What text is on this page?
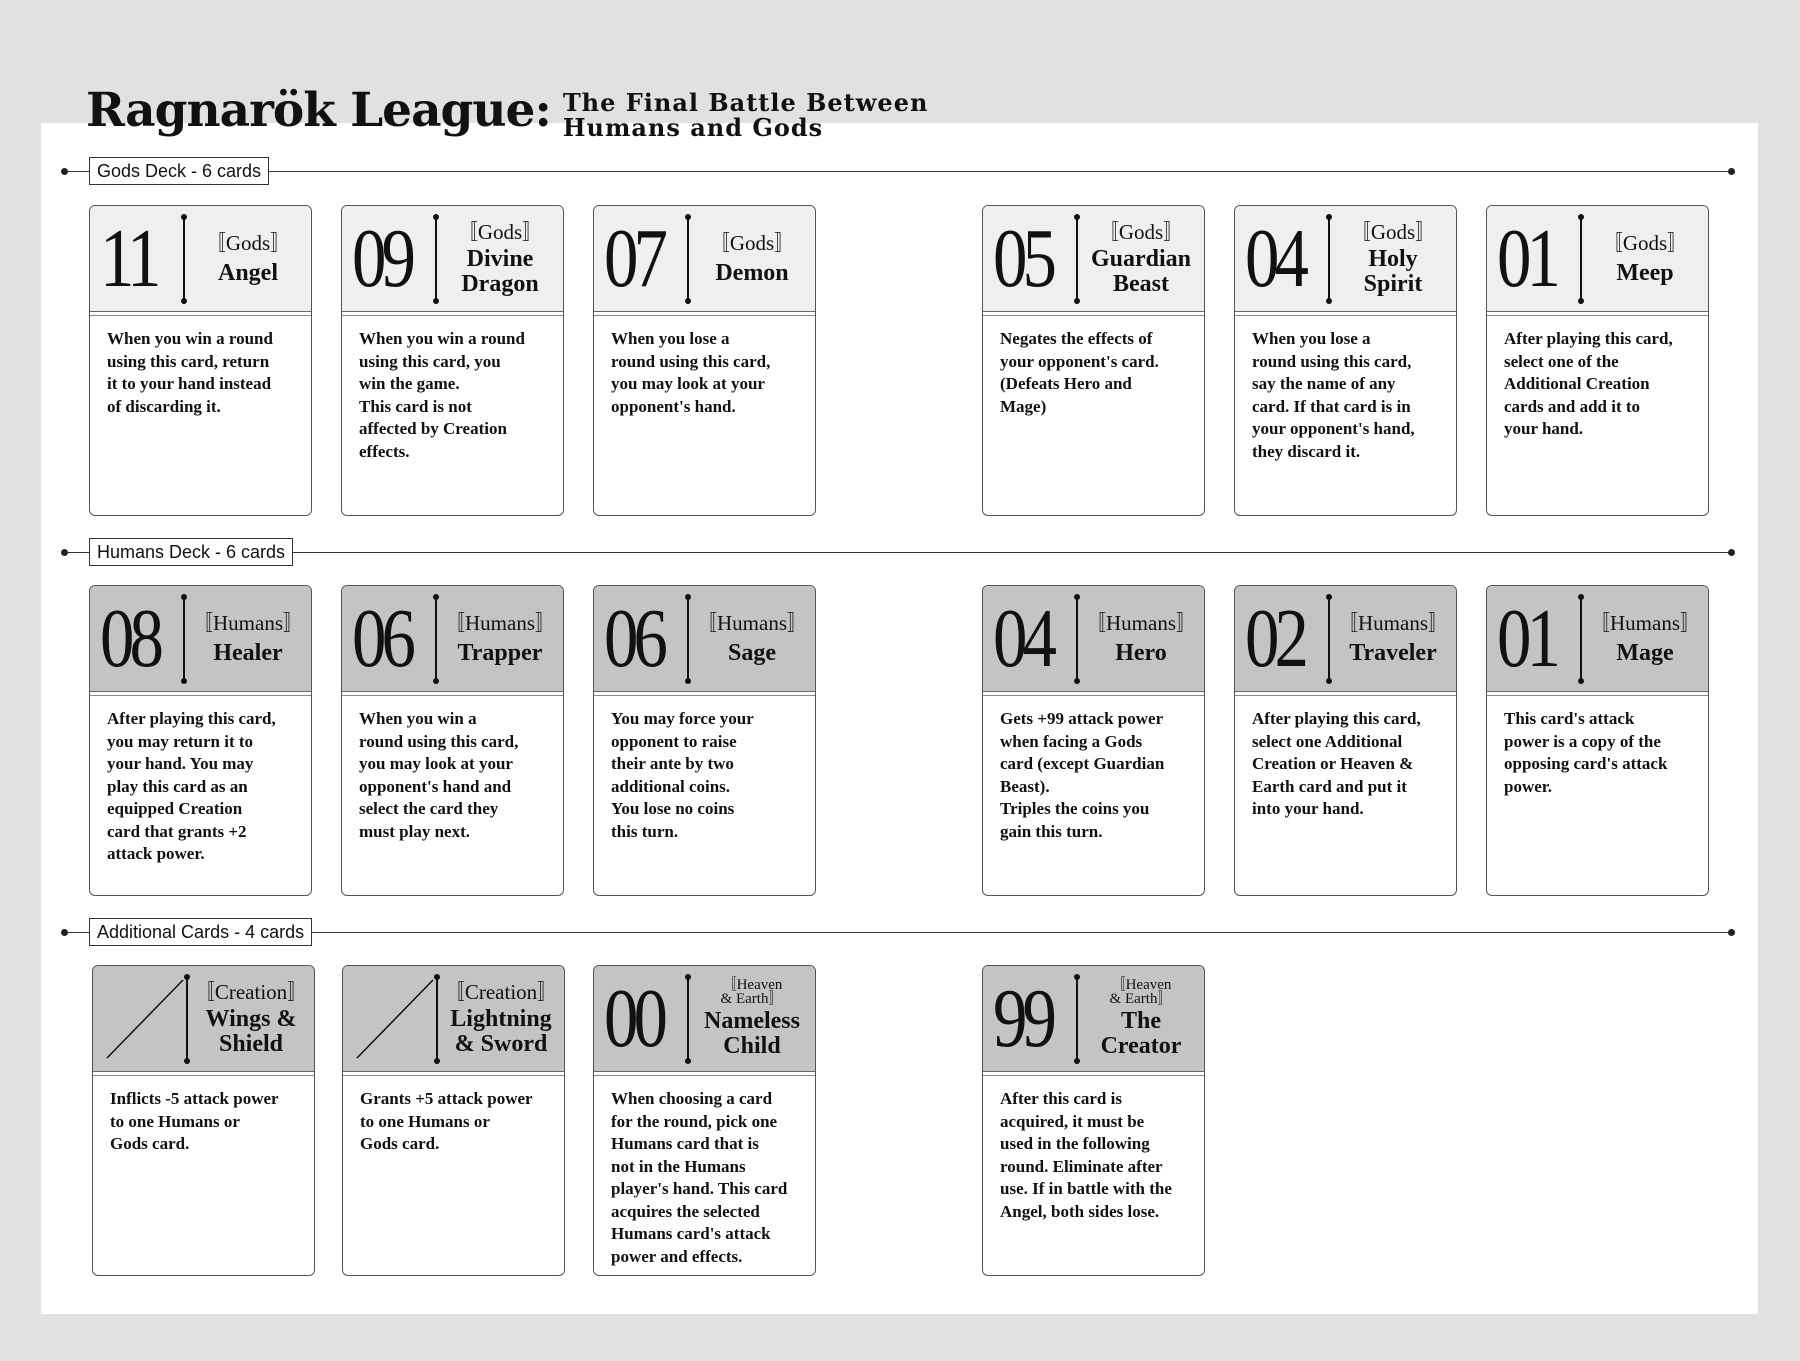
Ragnarök League: The Final Battle Between
Humans and Gods
Gods Deck - 6 cards
Humans Deck - 6 cards
Additional Cards - 4 cards
11	〚Gods〛
Angel
When you win a round
using this card, return
it to your hand instead
of discarding it.
09	〚Gods〛
Divine
Dragon
When you win a round
using this card, you
win the game.
This card is not
affected by Creation
effects.
07	〚Gods〛
Demon
When you lose a
round using this card,
you may look at your
opponent's hand.
05	〚Gods〛
Guardian
Beast
Negates the effects of
your opponent's card.
(Defeats Hero and
Mage)
04	〚Gods〛
Holy
Spirit
When you lose a
round using this card,
say the name of any
card. If that card is in
your opponent's hand,
they discard it.
01	〚Gods〛
Meep
After playing this card,
select one of the
Additional Creation
cards and add it to
your hand.
08	〚Humans〛
Healer
After playing this card,
you may return it to
your hand. You may
play this card as an
equipped Creation
card that grants +2
attack power.
06	〚Humans〛
Trapper
When you win a
round using this card,
you may look at your
opponent's hand and
select the card they
must play next.
06	〚Humans〛
Sage
You may force your
opponent to raise
their ante by two
additional coins.
You lose no coins
this turn.
04	〚Humans〛
Hero
Gets +99 attack power
when facing a Gods
card (except Guardian
Beast).
Triples the coins you
gain this turn.
02	〚Humans〛
Traveler
After playing this card,
select one Additional
Creation or Heaven &
Earth card and put it
into your hand.
01	〚Humans〛
Mage
This card's attack
power is a copy of the
opposing card's attack
power.
〚Creation〛
Wings &
Shield
Inflicts -5 attack power
to one Humans or
Gods card.
〚Creation〛
Lightning
& Sword
Grants +5 attack power
to one Humans or
Gods card.
00	〚Heaven
& Earth〛
Nameless
Child
When choosing a card
for the round, pick one
Humans card that is
not in the Humans
player's hand. This card
acquires the selected
Humans card's attack
power and effects.
99	〚Heaven
& Earth〛
The
Creator
After this card is
acquired, it must be
used in the following
round. Eliminate after
use. If in battle with the
Angel, both sides lose.
